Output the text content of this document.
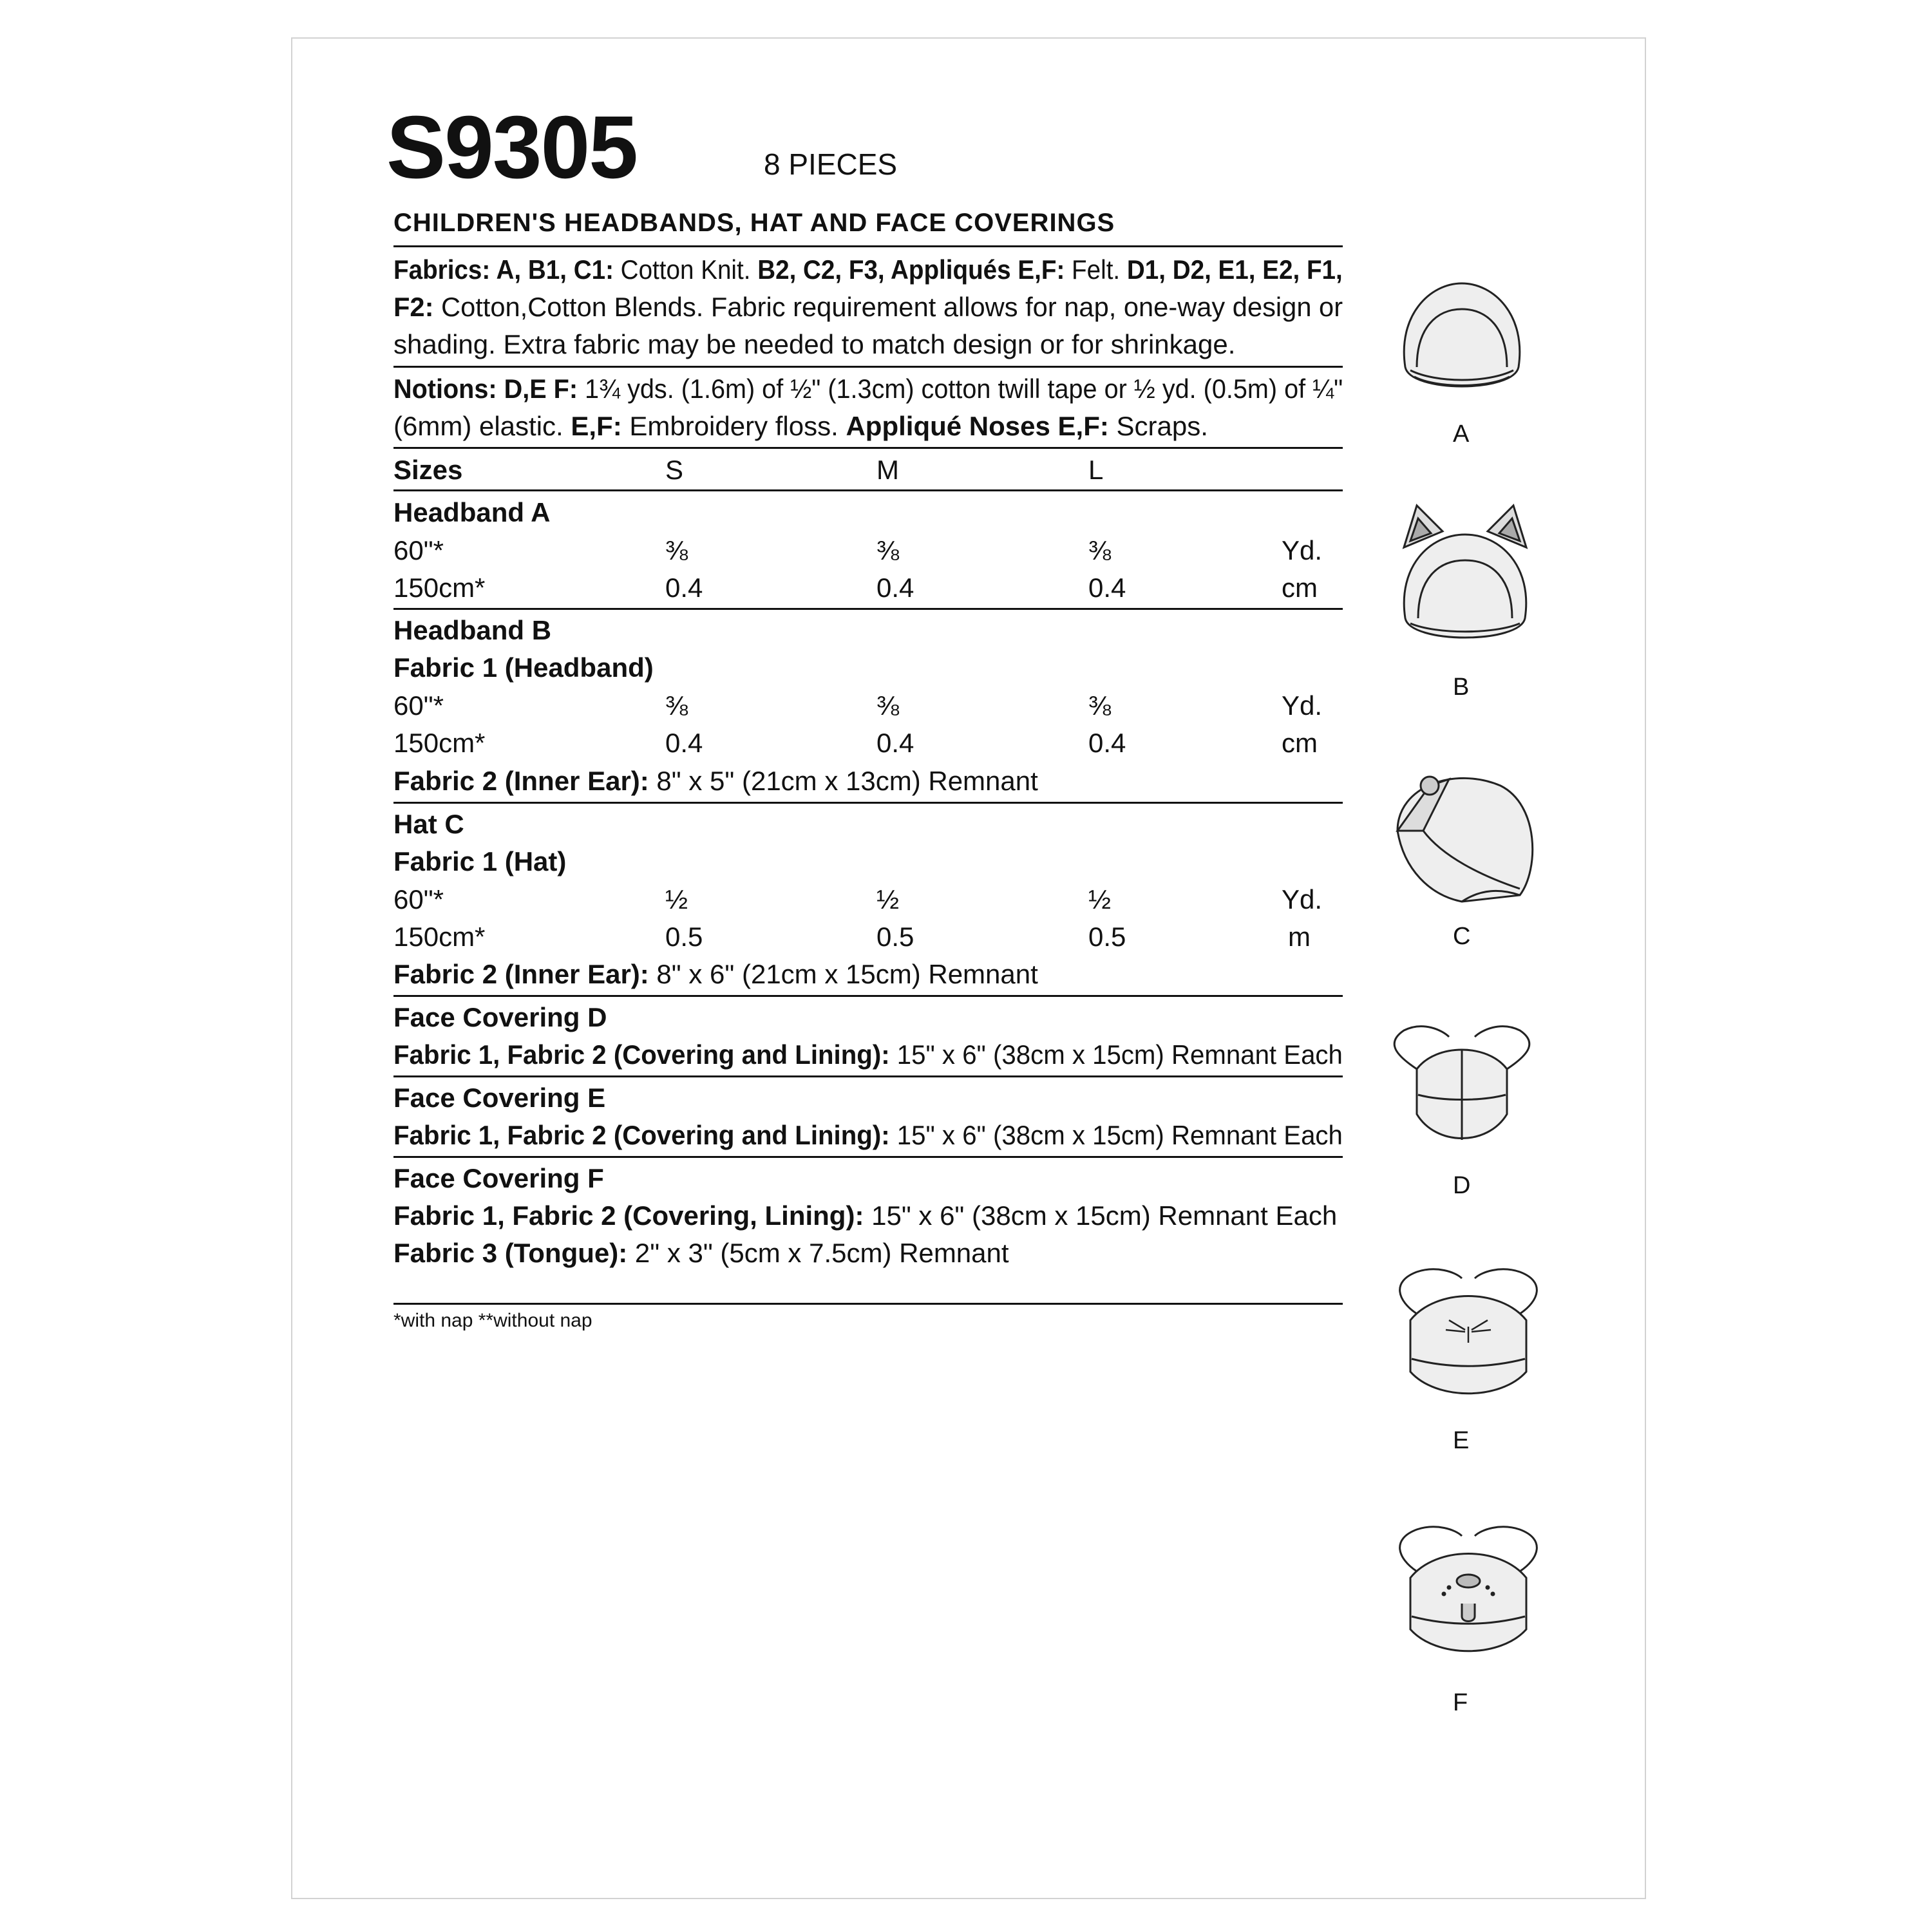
S9305	8 PIECES
CHILDREN'S HEADBANDS, HAT AND FACE COVERINGS
Fabrics: A, B1, C1: Cotton Knit. B2, C2, F3, Appliqués E,F: Felt. D1, D2, E1, E2, F1,
F2: Cotton,Cotton Blends. Fabric requirement allows for nap, one-way design or
shading. Extra fabric may be needed to match design or for shrinkage.
Notions: D,E F: 1¾ yds. (1.6m) of ½" (1.3cm) cotton twill tape or ½ yd. (0.5m) of ¼"
(6mm) elastic. E,F: Embroidery floss. Appliqué Noses E,F: Scraps.
Sizes	S	M	L
Headband A
60"*	⅜	⅜	⅜	Yd.
150cm*	0.4	0.4	0.4	cm
Headband B
Fabric 1 (Headband)
60"*	⅜	⅜	⅜	Yd.
150cm*	0.4	0.4	0.4	cm
Fabric 2 (Inner Ear): 8" x 5" (21cm x 13cm) Remnant
Hat C
Fabric 1 (Hat)
60"*	½	½	½	Yd.
150cm*	0.5	0.5	0.5	m
Fabric 2 (Inner Ear): 8" x 6" (21cm x 15cm) Remnant
Face Covering D
Fabric 1, Fabric 2 (Covering and Lining): 15" x 6" (38cm x 15cm) Remnant Each
Face Covering E
Fabric 1, Fabric 2 (Covering and Lining): 15" x 6" (38cm x 15cm) Remnant Each
Face Covering F
Fabric 1, Fabric 2 (Covering, Lining): 15" x 6" (38cm x 15cm) Remnant Each
Fabric 3 (Tongue): 2" x 3" (5cm x 7.5cm) Remnant
*with nap **without nap
A
B
C
D
E
F
